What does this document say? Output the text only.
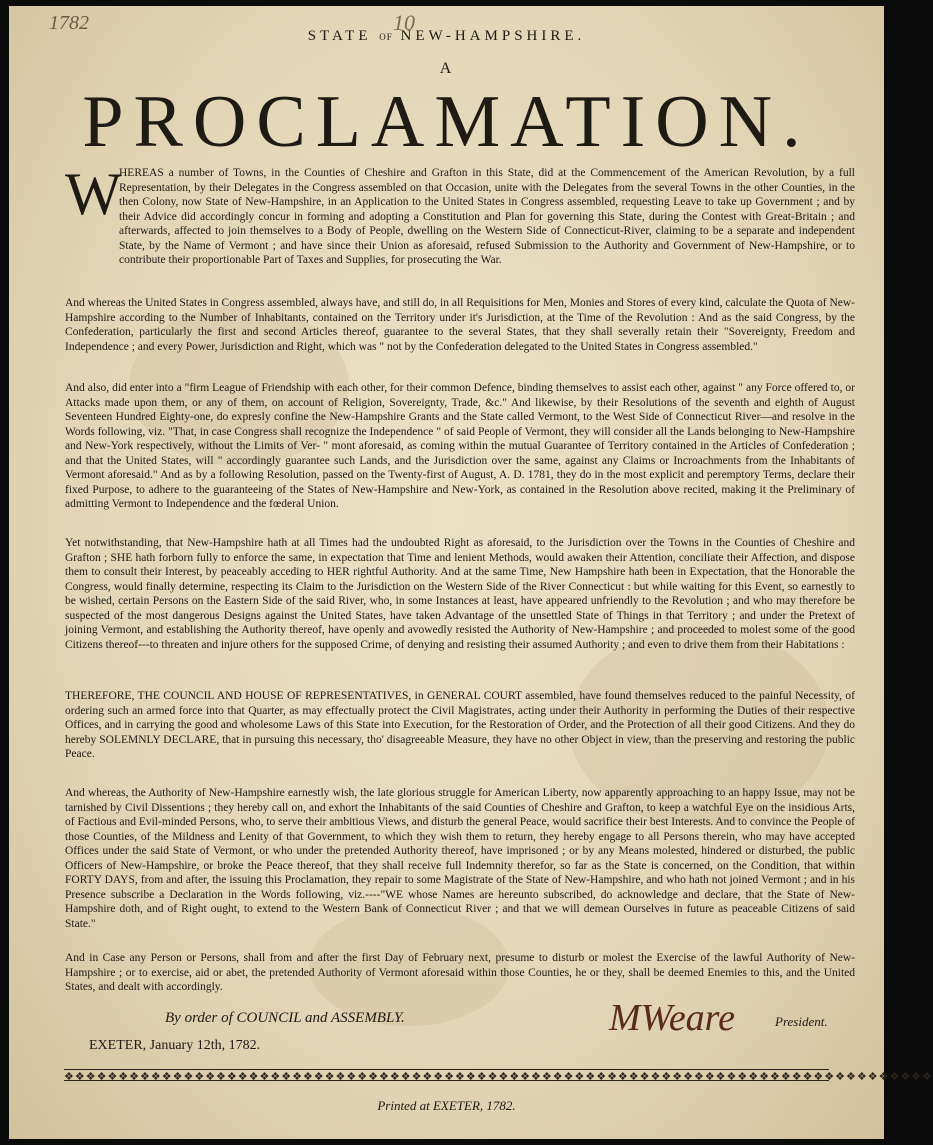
1782	10
STATE OF NEW-HAMPSHIRE.
A
PROCLAMATION.
W

HEREAS a number of Towns, in the Counties of Cheshire and Grafton in this State, did at the Commencement of the American Revolution, by a full Representation, by their Delegates in the Congress assembled on that Occasion, unite with the Delegates from the several Towns in the other Counties, in the then Colony, now State of New-Hampshire, in an Application to the United States in Congress assembled, requesting Leave to take up Government ; and by their Advice did accordingly concur in forming and adopting a Constitution and Plan for governing this State, during the Contest with Great-Britain ; and afterwards, affected to join themselves to a Body of People, dwelling on the Western Side of Connecticut-River, claiming to be a separate and independent State, by the Name of Vermont ; and have since their Union as aforesaid, refused Submission to the Authority and Government of New-Hampshire, or to contribute their proportionable Part of Taxes and Supplies, for prosecuting the War.

And whereas the United States in Congress assembled, always have, and still do, in all Requisitions for Men, Monies and Stores of every kind, calculate the Quota of New-Hampshire according to the Number of Inhabitants, contained on the Territory under it's Jurisdiction, at the Time of the Revolution : And as the said Congress, by the Confederation, particularly the first and second Articles thereof, guarantee to the several States, that they shall severally retain their "Sovereignty, Freedom and Independence ; and every Power, Jurisdiction and Right, which was " not by the Confederation delegated to the United States in Congress assembled."

And also, did enter into a "firm League of Friendship with each other, for their common Defence, binding themselves to assist each other, against " any Force offered to, or Attacks made upon them, or any of them, on account of Religion, Sovereignty, Trade, &c." And likewise, by their Resolutions of the seventh and eighth of August Seventeen Hundred Eighty-one, do expresly confine the New-Hampshire Grants and the State called Vermont, to the West Side of Connecticut River—and resolve in the Words following, viz. "That, in case Congress shall recognize the Independence " of said People of Vermont, they will consider all the Lands belonging to New-Hampshire and New-York respectively, without the Limits of Ver- " mont aforesaid, as coming within the mutual Guarantee of Territory contained in the Articles of Confederation ; and that the United States, will " accordingly guarantee such Lands, and the Jurisdiction over the same, against any Claims or Incroachments from the Inhabitants of Vermont aforesaid." And as by a following Resolution, passed on the Twenty-first of August, A. D. 1781, they do in the most explicit and peremptory Terms, declare their fixed Purpose, to adhere to the guaranteeing of the States of New-Hampshire and New-York, as contained in the Resolution above recited, making it the Preliminary of admitting Vermont to Independence and the fœderal Union.

Yet notwithstanding, that New-Hampshire hath at all Times had the undoubted Right as aforesaid, to the Jurisdiction over the Towns in the Counties of Cheshire and Grafton ; SHE hath forborn fully to enforce the same, in expectation that Time and lenient Methods, would awaken their Attention, conciliate their Affection, and dispose them to consult their Interest, by peaceably acceding to HER rightful Authority. And at the same Time, New Hampshire hath been in Expectation, that the Honorable the Congress, would finally determine, respecting its Claim to the Jurisdiction on the Western Side of the River Connecticut : but while waiting for this Event, so earnestly to be wished, certain Persons on the Eastern Side of the said River, who, in some Instances at least, have appeared unfriendly to the Revolution ; and who may therefore be suspected of the most dangerous Designs against the United States, have taken Advantage of the unsettled State of Things in that Territory ; and under the Pretext of joining Vermont, and establishing the Authority thereof, have openly and avowedly resisted the Authority of New-Hampshire ; and proceeded to molest some of the good Citizens thereof---to threaten and injure others for the supposed Crime, of denying and resisting their assumed Authority ; and even to drive them from their Habitations :

THEREFORE, THE COUNCIL AND HOUSE OF REPRESENTATIVES, in GENERAL COURT assembled, have found themselves reduced to the painful Necessity, of ordering such an armed force into that Quarter, as may effectually protect the Civil Magistrates, acting under their Authority in performing the Duties of their respective Offices, and in carrying the good and wholesome Laws of this State into Execution, for the Restoration of Order, and the Protection of all their good Citizens. And they do hereby SOLEMNLY DECLARE, that in pursuing this necessary, tho' disagreeable Measure, they have no other Object in view, than the preserving and restoring the public Peace.

And whereas, the Authority of New-Hampshire earnestly wish, the late glorious struggle for American Liberty, now apparently approaching to an happy Issue, may not be tarnished by Civil Dissentions ; they hereby call on, and exhort the Inhabitants of the said Counties of Cheshire and Grafton, to keep a watchful Eye on the insidious Arts, of Factious and Evil-minded Persons, who, to serve their ambitious Views, and disturb the general Peace, would sacrifice their best Interests. And to convince the People of those Counties, of the Mildness and Lenity of that Government, to which they wish them to return, they hereby engage to all Persons therein, who may have accepted Offices under the said State of Vermont, or who under the pretended Authority thereof, have imprisoned ; or by any Means molested, hindered or disturbed, the public Officers of New-Hampshire, or broke the Peace thereof, that they shall receive full Indemnity therefor, so far as the State is concerned, on the Condition, that within FORTY DAYS, from and after, the issuing this Proclamation, they repair to some Magistrate of the State of New-Hampshire, and who hath not joined Vermont ; and in his Presence subscribe a Declaration in the Words following, viz.----"WE whose Names are hereunto subscribed, do acknowledge and declare, that the State of New-Hampshire doth, and of Right ought, to extend to the Western Bank of Connecticut River ; and that we will demean Ourselves in future as peaceable Citizens of said State."

And in Case any Person or Persons, shall from and after the first Day of February next, presume to disturb or molest the Exercise of the lawful Authority of New-Hampshire ; or to exercise, aid or abet, the pretended Authority of Vermont aforesaid within those Counties, he or they, shall be deemed Enemies to this, and the United States, and dealt with accordingly.

By order of COUNCIL and ASSEMBLY.	MWeare	President.
EXETER, January 12th, 1782.
❖❖❖❖❖❖❖❖❖❖❖❖❖❖❖❖❖❖❖❖❖❖❖❖❖❖❖❖❖❖❖❖❖❖❖❖❖❖❖❖❖❖❖❖❖❖❖❖❖❖❖❖❖❖❖❖❖❖❖❖❖❖❖❖❖❖❖❖❖❖❖❖❖❖❖❖❖❖❖❖
Printed at EXETER, 1782.
